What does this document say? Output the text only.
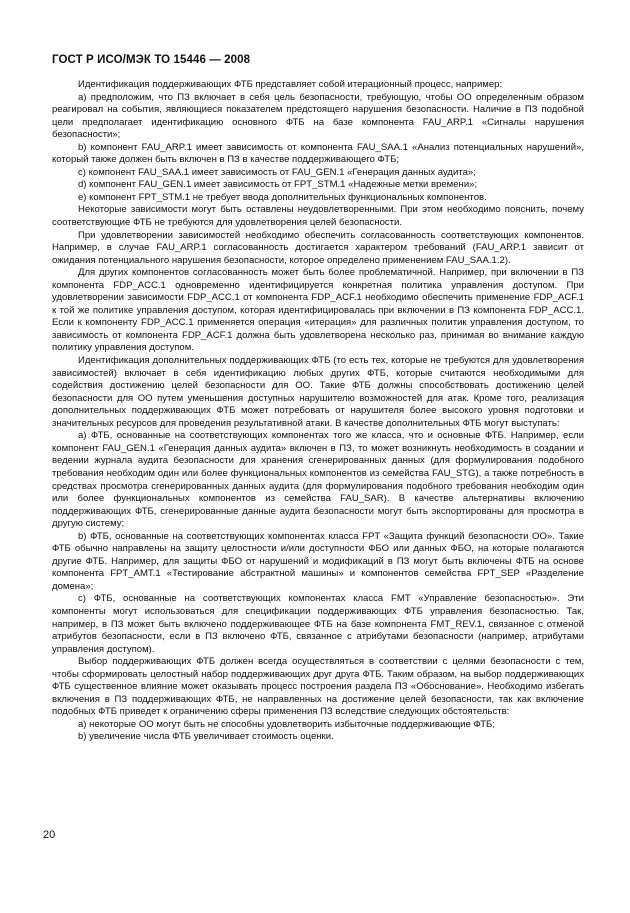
ГОСТ Р ИСО/МЭК ТО 15446 — 2008

Идентификация поддерживающих ФТБ представляет собой итерационный процесс, например:

а) предположим, что ПЗ включает в себя цель безопасности, требующую, чтобы ОО определенным образом реагировал на события, являющиеся показателем предстоящего нарушения безопасности. Наличие в ПЗ подобной цели предполагает идентификацию основного ФТБ на базе компонента FAU_ARP.1 «Сигналы нарушения безопасности»;

b) компонент FAU_ARP.1 имеет зависимость от компонента FAU_SAA.1 «Анализ потенциальных нарушений», который также должен быть включен в ПЗ в качестве поддерживающего ФТБ;

c) компонент FAU_SAA.1 имеет зависимость от FAU_GEN.1 «Генерация данных аудита»;

d) компонент FAU_GEN.1 имеет зависимость от FPT_STM.1 «Надежные метки времени»;

e) компонент FPT_STM.1 не требует ввода дополнительных функциональных компонентов.

Некоторые зависимости могут быть оставлены неудовлетворенными. При этом необходимо пояснить, почему соответствующие ФТБ не требуются для удовлетворения целей безопасности.

При удовлетворении зависимостей необходимо обеспечить согласованность соответствующих компонентов. Например, в случае FAU_ARP.1 согласованность достигается характером требований (FAU_ARP.1 зависит от ожидания потенциального нарушения безопасности, которое определено применением FAU_SAA.1.2).

Для других компонентов согласованность может быть более проблематичной. Например, при включении в ПЗ компонента FDP_ACC.1 одновременно идентифицируется конкретная политика управления доступом. При удовлетворении зависимости FDP_ACC.1 от компонента FDP_ACF.1 необходимо обеспечить применение FDP_ACF.1 к той же политике управления доступом, которая идентифицировалась при включении в ПЗ компонента FDP_ACC.1. Если к компоненту FDP_ACC.1 применяется операция «итерация» для различных политик управления доступом, то зависимость от компонента FDP_ACF.1 должна быть удовлетворена несколько раз, принимая во внимание каждую политику управления доступом.

Идентификация дополнительных поддерживающих ФТБ (то есть тех, которые не требуются для удовлетворения зависимостей) включает в себя идентификацию любых других ФТБ, которые считаются необходимыми для содействия достижению целей безопасности для ОО. Такие ФТБ должны способствовать достижению целей безопасности для ОО путем уменьшения доступных нарушителю возможностей для атак. Кроме того, реализация дополнительных поддерживающих ФТБ может потребовать от нарушителя более высокого уровня подготовки и значительных ресурсов для проведения результативной атаки. В качестве дополнительных ФТБ могут выступать:

а) ФТБ, основанные на соответствующих компонентах того же класса, что и основные ФТБ. Например, если компонент FAU_GEN.1 «Генерация данных аудита» включен в ПЗ, то может возникнуть необходимость в создании и ведении журнала аудита безопасности для хранения сгенерированных данных (для формулирования подобного требования необходим один или более функциональных компонентов из семейства FAU_STG), а также потребность в средствах просмотра сгенерированных данных аудита (для формулирования подобного требования необходим один или более функциональных компонентов из семейства FAU_SAR). В качестве альтернативы включению поддерживающих ФТБ, сгенерированные данные аудита безопасности могут быть экспортированы для просмотра в другую систему;

b) ФТБ, основанные на соответствующих компонентах класса FPT «Защита функций безопасности ОО». Такие ФТБ обычно направлены на защиту целостности и/или доступности ФБО или данных ФБО, на которые полагаются другие ФТБ. Например, для защиты ФБО от нарушений и модификаций в ПЗ могут быть включены ФТБ на основе компонента FPT_AMT.1 «Тестирование абстрактной машины» и компонентов семейства FPT_SEP «Разделение домена»;

c) ФТБ, основанные на соответствующих компонентах класса FMT «Управление безопасностью». Эти компоненты могут использоваться для спецификации поддерживающих ФТБ управления безопасностью. Так, например, в ПЗ может быть включено поддерживающее ФТБ на базе компонента FMT_REV.1, связанное с отменой атрибутов безопасности, если в ПЗ включено ФТБ, связанное с атрибутами безопасности (например, атрибутами управления доступом).

Выбор поддерживающих ФТБ должен всегда осуществляться в соответствии с целями безопасности с тем, чтобы сформировать целостный набор поддерживающих друг друга ФТБ. Таким образом, на выбор поддерживающих ФТБ существенное влияние может оказывать процесс построения раздела ПЗ «Обоснование». Необходимо избегать включения в ПЗ поддерживающих ФТБ, не направленных на достижение целей безопасности, так как включение подобных ФТБ приведет к ограничению сферы применения ПЗ вследствие следующих обстоятельств:

а) некоторые ОО могут быть не способны удовлетворить избыточные поддерживающие ФТБ;

b) увеличение числа ФТБ увеличивает стоимость оценки.

20
